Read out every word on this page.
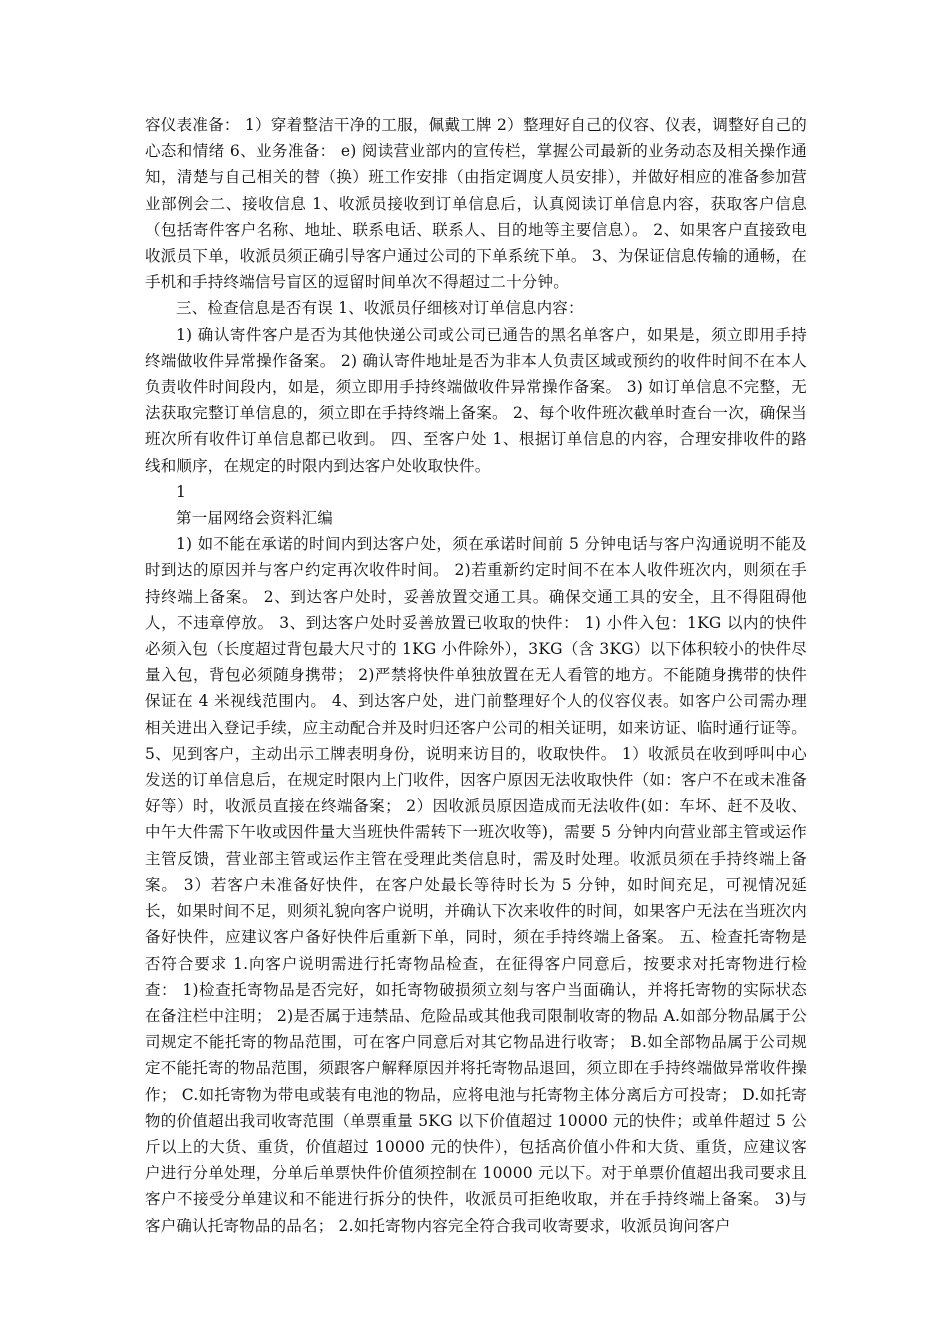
容仪表准备： 1）穿着整洁干净的工服，佩戴工牌 2）整理好自己的仪容、仪表，调整好自己的心态和情绪 6、业务准备： e) 阅读营业部内的宣传栏，掌握公司最新的业务动态及相关操作通知，清楚与自己相关的替（换）班工作安排（由指定调度人员安排），并做好相应的准备参加营业部例会二、接收信息 1、收派员接收到订单信息后，认真阅读订单信息内容，获取客户信息（包括寄件客户名称、地址、联系电话、联系人、目的地等主要信息）。 2、如果客户直接致电收派员下单，收派员须正确引导客户通过公司的下单系统下单。 3、为保证信息传输的通畅，在手机和手持终端信号盲区的逗留时间单次不得超过二十分钟。

三、检查信息是否有误 1、收派员仔细核对订单信息内容：

1) 确认寄件客户是否为其他快递公司或公司已通告的黑名单客户，如果是，须立即用手持终端做收件异常操作备案。 2) 确认寄件地址是否为非本人负责区域或预约的收件时间不在本人负责收件时间段内，如是，须立即用手持终端做收件异常操作备案。 3) 如订单信息不完整，无法获取完整订单信息的，须立即在手持终端上备案。 2、每个收件班次截单时查台一次，确保当班次所有收件订单信息都已收到。 四、至客户处 1、根据订单信息的内容，合理安排收件的路线和顺序，在规定的时限内到达客户处收取快件。

1

第一届网络会资料汇编

1) 如不能在承诺的时间内到达客户处，须在承诺时间前 5 分钟电话与客户沟通说明不能及时到达的原因并与客户约定再次收件时间。 2)若重新约定时间不在本人收件班次内，则须在手持终端上备案。 2、到达客户处时，妥善放置交通工具。确保交通工具的安全，且不得阻碍他人，不违章停放。 3、到达客户处时妥善放置已收取的快件： 1) 小件入包：1KG 以内的快件必须入包（长度超过背包最大尺寸的 1KG 小件除外），3KG（含 3KG）以下体积较小的快件尽量入包，背包必须随身携带； 2)严禁将快件单独放置在无人看管的地方。不能随身携带的快件保证在 4 米视线范围内。 4、到达客户处，进门前整理好个人的仪容仪表。如客户公司需办理相关进出入登记手续，应主动配合并及时归还客户公司的相关证明，如来访证、临时通行证等。 5、见到客户，主动出示工牌表明身份，说明来访目的，收取快件。 1）收派员在收到呼叫中心发送的订单信息后，在规定时限内上门收件，因客户原因无法收取快件（如：客户不在或未准备好等）时，收派员直接在终端备案； 2）因收派员原因造成而无法收件(如：车坏、赶不及收、中午大件需下午收或因件量大当班快件需转下一班次收等)，需要 5 分钟内向营业部主管或运作主管反馈，营业部主管或运作主管在受理此类信息时，需及时处理。收派员须在手持终端上备案。 3）若客户未准备好快件，在客户处最长等待时长为 5 分钟，如时间充足，可视情况延长，如果时间不足，则须礼貌向客户说明，并确认下次来收件的时间，如果客户无法在当班次内备好快件，应建议客户备好快件后重新下单，同时，须在手持终端上备案。 五、检查托寄物是否符合要求 1.向客户说明需进行托寄物品检查，在征得客户同意后，按要求对托寄物进行检查： 1)检查托寄物品是否完好，如托寄物破损须立刻与客户当面确认，并将托寄物的实际状态在备注栏中注明； 2)是否属于违禁品、危险品或其他我司限制收寄的物品 A.如部分物品属于公司规定不能托寄的物品范围，可在客户同意后对其它物品进行收寄； B.如全部物品属于公司规定不能托寄的物品范围，须跟客户解释原因并将托寄物品退回，须立即在手持终端做异常收件操作； C.如托寄物为带电或装有电池的物品，应将电池与托寄物主体分离后方可投寄； D.如托寄物的价值超出我司收寄范围（单票重量 5KG 以下价值超过 10000 元的快件；或单件超过 5 公斤以上的大货、重货，价值超过 10000 元的快件），包括高价值小件和大货、重货，应建议客户进行分单处理，分单后单票快件价值须控制在 10000 元以下。对于单票价值超出我司要求且客户不接受分单建议和不能进行拆分的快件，收派员可拒绝收取，并在手持终端上备案。 3)与客户确认托寄物品的品名； 2.如托寄物内容完全符合我司收寄要求，收派员询问客户
